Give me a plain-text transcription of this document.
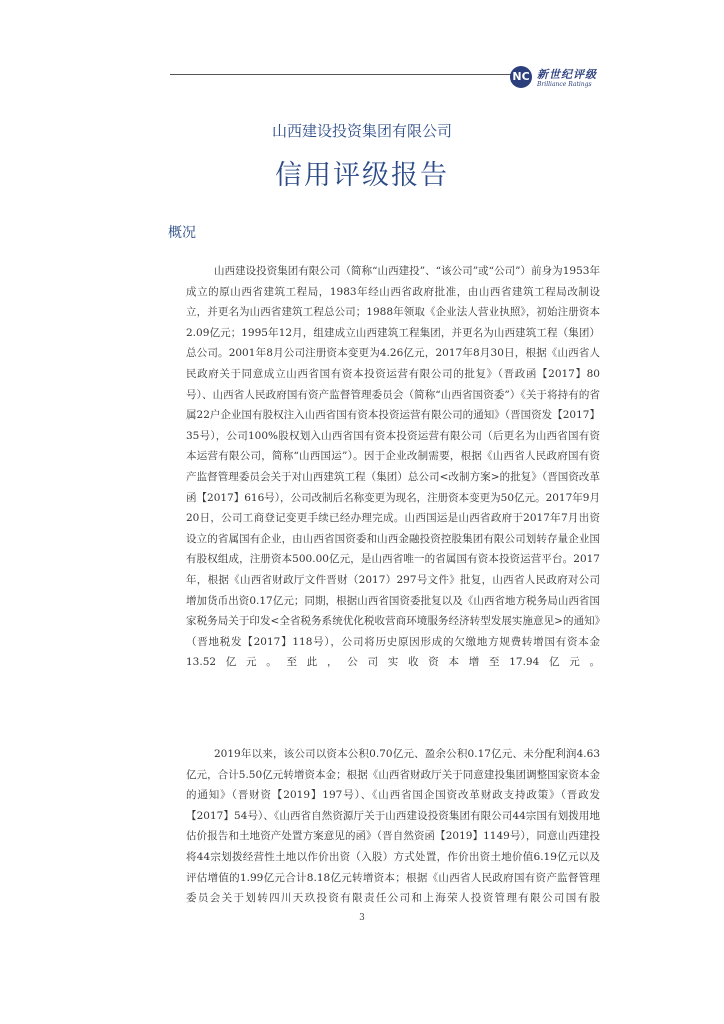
NC 新世纪评级
Brilliance Ratings
山西建设投资集团有限公司
信用评级报告
概况

山西建设投资集团有限公司（简称“山西建投”、“该公司”或“公司”）前身为1953年成立的原山西省建筑工程局，1983年经山西省政府批准，由山西省建筑工程局改制设立，并更名为山西省建筑工程总公司；1988年领取《企业法人营业执照》，初始注册资本2.09亿元；1995年12月，组建成立山西建筑工程集团，并更名为山西建筑工程（集团）总公司。2001年8月公司注册资本变更为4.26亿元，2017年8月30日，根据《山西省人民政府关于同意成立山西省国有资本投资运营有限公司的批复》（晋政函【2017】80号）、山西省人民政府国有资产监督管理委员会（简称“山西省国资委”）《关于将持有的省属22户企业国有股权注入山西省国有资本投资运营有限公司的通知》（晋国资发【2017】35号），公司100%股权划入山西省国有资本投资运营有限公司（后更名为山西省国有资本运营有限公司，简称“山西国运”）。因于企业改制需要，根据《山西省人民政府国有资产监督管理委员会关于对山西建筑工程（集团）总公司<改制方案>的批复》（晋国资改革函【2017】616号），公司改制后名称变更为现名，注册资本变更为50亿元。2017年9月20日，公司工商登记变更手续已经办理完成。山西国运是山西省政府于2017年7月出资设立的省属国有企业，由山西省国资委和山西金融投资控股集团有限公司划转存量企业国有股权组成，注册资本500.00亿元，是山西省唯一的省属国有资本投资运营平台。2017年，根据《山西省财政厅文件晋财（2017）297号文件》批复，山西省人民政府对公司增加货币出资0.17亿元；同期，根据山西省国资委批复以及《山西省地方税务局山西省国家税务局关于印发<全省税务系统优化税收营商环境服务经济转型发展实施意见>的通知》（晋地税发【2017】118号），公司将历史原因形成的欠缴地方规费转增国有资本金13.52亿元。至此，公司实收资本增至17.94亿元。

2019年以来，该公司以资本公积0.70亿元、盈余公积0.17亿元、未分配利润4.63亿元，合计5.50亿元转增资本金；根据《山西省财政厅关于同意建投集团调整国家资本金的通知》（晋财资【2019】197号）、《山西省国企国资改革财政支持政策》（晋政发【2017】54号）、《山西省自然资源厅关于山西建设投资集团有限公司44宗国有划拨用地估价报告和土地资产处置方案意见的函》（晋自然资函【2019】1149号），同意山西建投将44宗划拨经营性土地以作价出资（入股）方式处置，作价出资土地价值6.19亿元以及评估增值的1.99亿元合计8.18亿元转增资本；根据《山西省人民政府国有资产监督管理委员会关于划转四川天玖投资有限责任公司和上海荣人投资管理有限公司国有股

3
